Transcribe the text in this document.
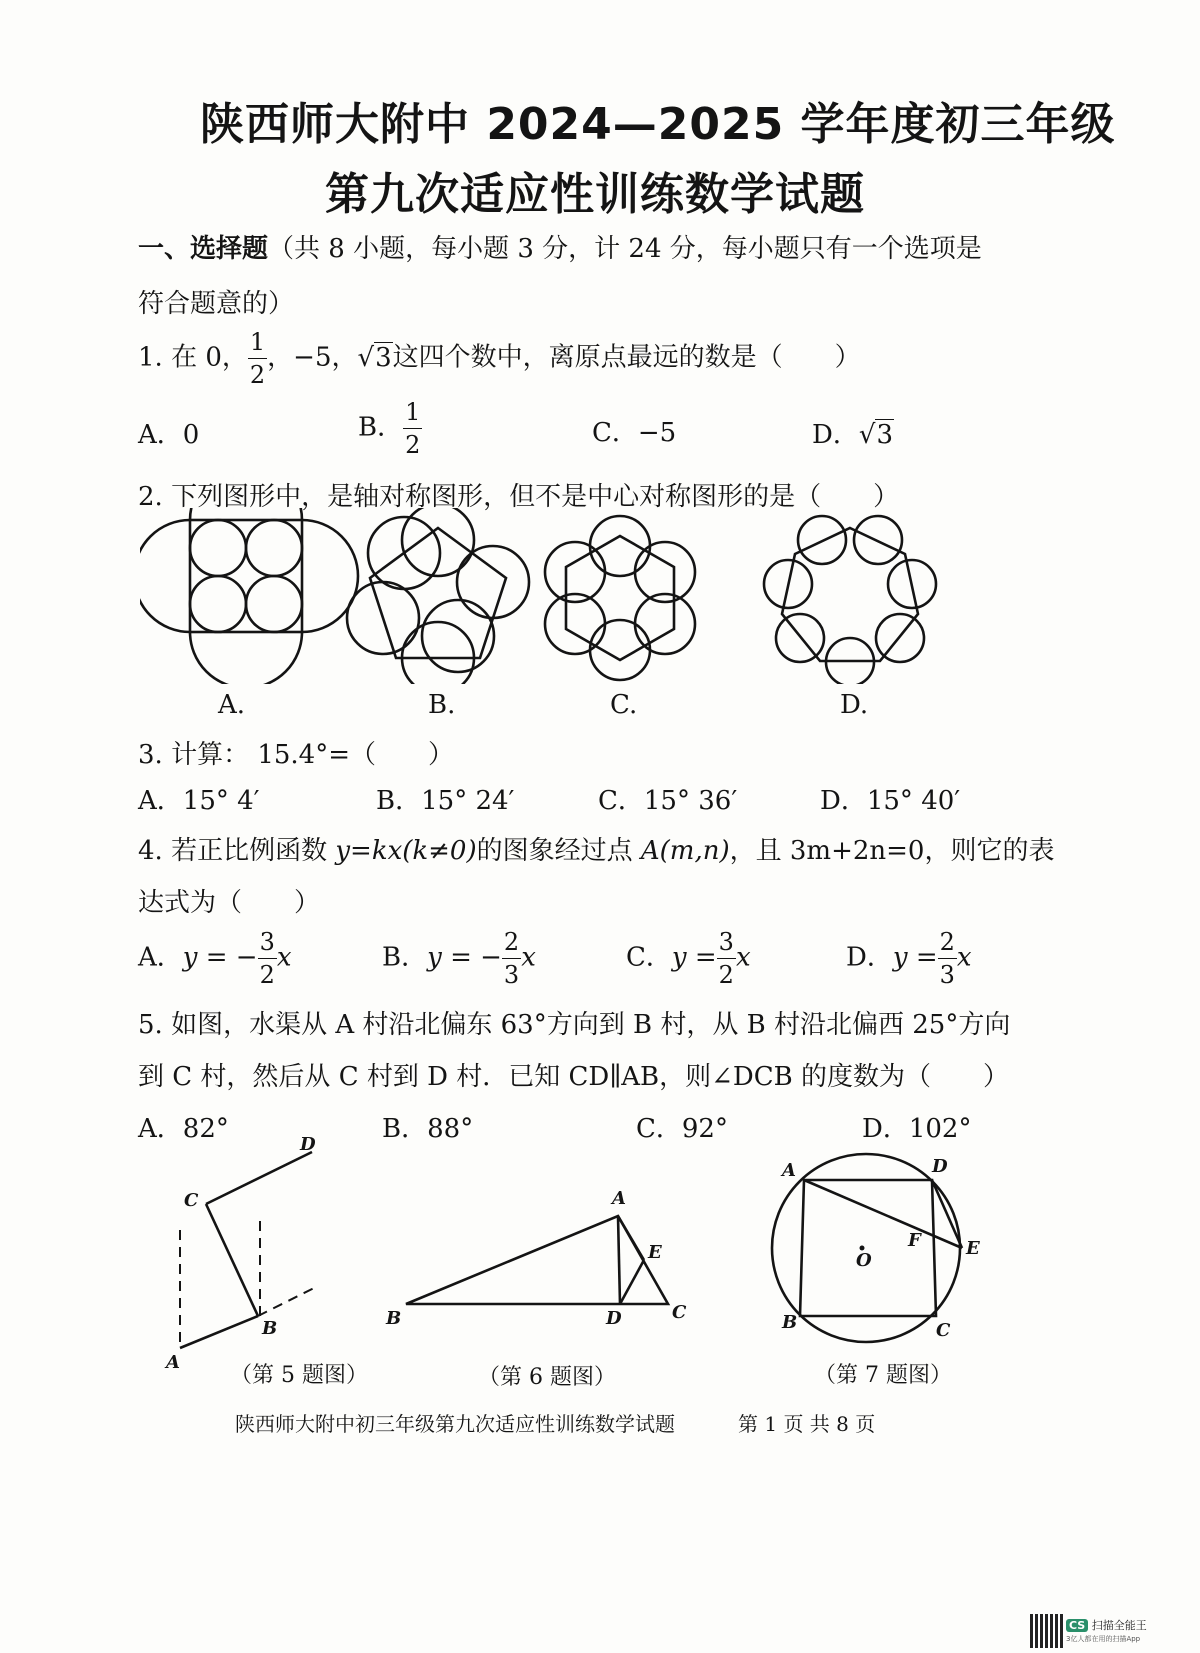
陕西师大附中 2024—2025 学年度初三年级
第九次适应性训练数学试题
一、选择题（共 8 小题，每小题 3 分，计 24 分，每小题只有一个选项是
符合题意的）
1. 在 0， $\frac{1}{2}$ ，−5，√3这四个数中，离原点最远的数是（　　）
A．0	B． $\frac{1}{2}$	C．−5	D．√3
2. 下列图形中，是轴对称图形，但不是中心对称图形的是（　　）
A.	B.	C.	D.
3. 计算： 15.4°=（　　）
A．15° 4′	B．15° 24′	C．15° 36′	D．15° 40′
4. 若正比例函数 y=kx(k≠0)的图象经过点 A(m,n)，且 3m+2n=0，则它的表
达式为（　　）
A．y = − $\frac{3}{2}$ x	B．y = − $\frac{2}{3}$ x	C．$y = \frac{3}{2}$ x	D．$y = \frac{2}{3}$ x
5. 如图，水渠从 A 村沿北偏东 63°方向到 B 村，从 B 村沿北偏西 25°方向
到 C 村，然后从 C 村到 D 村．已知 CD∥AB，则∠DCB 的度数为（　　）
A．82°	B．88°	C．92°	D．102°
A
B
C
D
B
A
D	C
E
A	D
E
F
O
B	C
（第 5 题图）	（第 6 题图）	（第 7 题图）
陕西师大附中初三年级第九次适应性训练数学试题	第 1 页 共 8 页
CS 扫描全能王
3亿人都在用的扫描App
